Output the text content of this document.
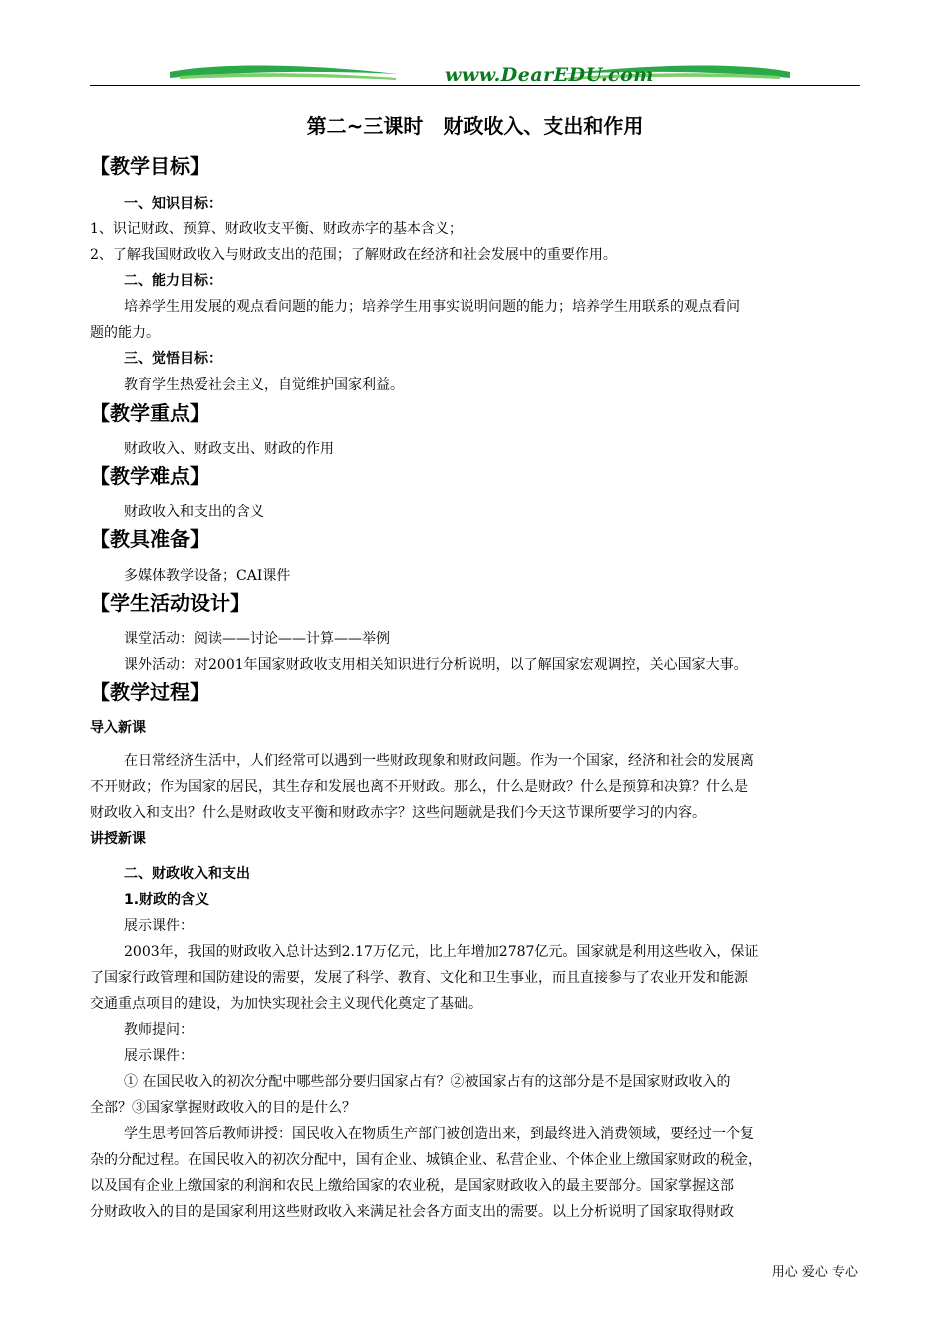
www.DearEDU.com
第二~三课时 财政收入、支出和作用
【教学目标】
一、知识目标：
1、识记财政、预算、财政收支平衡、财政赤字的基本含义；
2、了解我国财政收入与财政支出的范围；了解财政在经济和社会发展中的重要作用。
二、能力目标：
培养学生用发展的观点看问题的能力；培养学生用事实说明问题的能力；培养学生用联系的观点看问
题的能力。
三、觉悟目标：
教育学生热爱社会主义，自觉维护国家利益。
【教学重点】
财政收入、财政支出、财政的作用
【教学难点】
财政收入和支出的含义
【教具准备】
多媒体教学设备；CAI课件
【学生活动设计】
课堂活动：阅读——讨论——计算——举例
课外活动：对2001年国家财政收支用相关知识进行分析说明，以了解国家宏观调控，关心国家大事。
【教学过程】
导入新课
在日常经济生活中，人们经常可以遇到一些财政现象和财政问题。作为一个国家，经济和社会的发展离
不开财政；作为国家的居民，其生存和发展也离不开财政。那么，什么是财政？什么是预算和决算？什么是
财政收入和支出？什么是财政收支平衡和财政赤字？这些问题就是我们今天这节课所要学习的内容。
讲授新课
二、财政收入和支出
1.财政的含义
展示课件：
2003年，我国的财政收入总计达到2.17万亿元，比上年增加2787亿元。国家就是利用这些收入，保证
了国家行政管理和国防建设的需要，发展了科学、教育、文化和卫生事业，而且直接参与了农业开发和能源
交通重点项目的建设，为加快实现社会主义现代化奠定了基础。
教师提问：
展示课件：
① 在国民收入的初次分配中哪些部分要归国家占有？②被国家占有的这部分是不是国家财政收入的
全部？③国家掌握财政收入的目的是什么？
学生思考回答后教师讲授：国民收入在物质生产部门被创造出来，到最终进入消费领域，要经过一个复
杂的分配过程。在国民收入的初次分配中，国有企业、城镇企业、私营企业、个体企业上缴国家财政的税金，
以及国有企业上缴国家的利润和农民上缴给国家的农业税，是国家财政收入的最主要部分。国家掌握这部
分财政收入的目的是国家利用这些财政收入来满足社会各方面支出的需要。以上分析说明了国家取得财政
用心 爱心 专心
